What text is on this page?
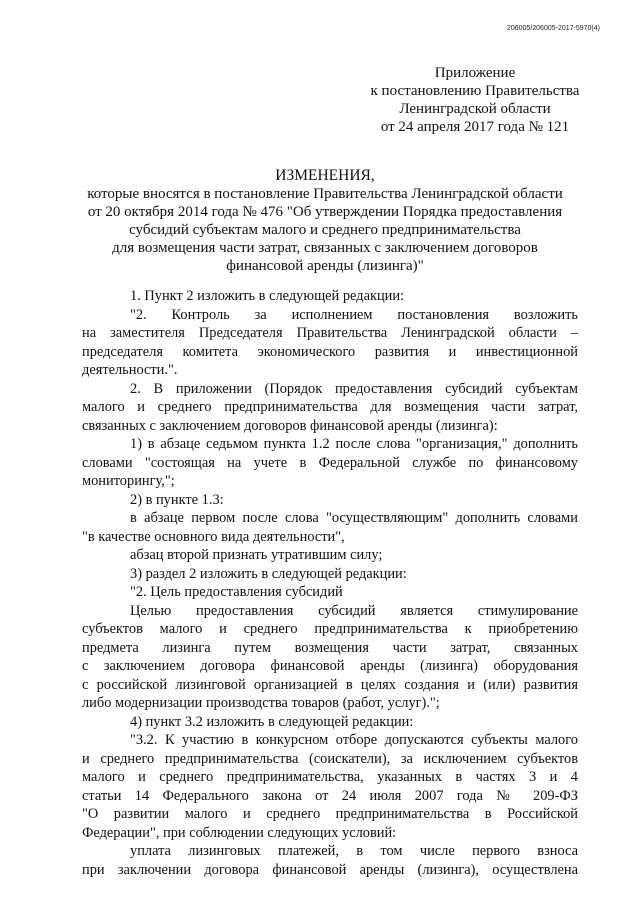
206005/206005-2017-5970(4)
Приложение
к постановлению Правительства
Ленинградской области
от 24 апреля 2017 года № 121
ИЗМЕНЕНИЯ,
которые вносятся в постановление Правительства Ленинградской области
от 20 октября 2014 года № 476 "Об утверждении Порядка предоставления
субсидий субъектам малого и среднего предпринимательства
для возмещения части затрат, связанных с заключением договоров
финансовой аренды (лизинга)"
1. Пункт 2 изложить в следующей редакции:
"2. Контроль за исполнением постановления возложить
на заместителя Председателя Правительства Ленинградской области –
председателя комитета экономического развития и инвестиционной
деятельности.".
2. В приложении (Порядок предоставления субсидий субъектам
малого и среднего предпринимательства для возмещения части затрат,
связанных с заключением договоров финансовой аренды (лизинга):
1) в абзаце седьмом пункта 1.2 после слова "организация," дополнить
словами "состоящая на учете в Федеральной службе по финансовому
мониторингу,";
2) в пункте 1.3:
в абзаце первом после слова "осуществляющим" дополнить словами
"в качестве основного вида деятельности",
абзац второй признать утратившим силу;
3) раздел 2 изложить в следующей редакции:
"2. Цель предоставления субсидий
Целью предоставления субсидий является стимулирование
субъектов малого и среднего предпринимательства к приобретению
предмета лизинга путем возмещения части затрат, связанных
с заключением договора финансовой аренды (лизинга) оборудования
с российской лизинговой организацией в целях создания и (или) развития
либо модернизации производства товаров (работ, услуг).";
4) пункт 3.2 изложить в следующей редакции:
"3.2. К участию в конкурсном отборе допускаются субъекты малого
и среднего предпринимательства (соискатели), за исключением субъектов
малого и среднего предпринимательства, указанных в частях 3 и 4
статьи 14 Федерального закона от 24 июля 2007 года № 209-ФЗ
"О развитии малого и среднего предпринимательства в Российской
Федерации", при соблюдении следующих условий:
уплата лизинговых платежей, в том числе первого взноса
при заключении договора финансовой аренды (лизинга), осуществлена
